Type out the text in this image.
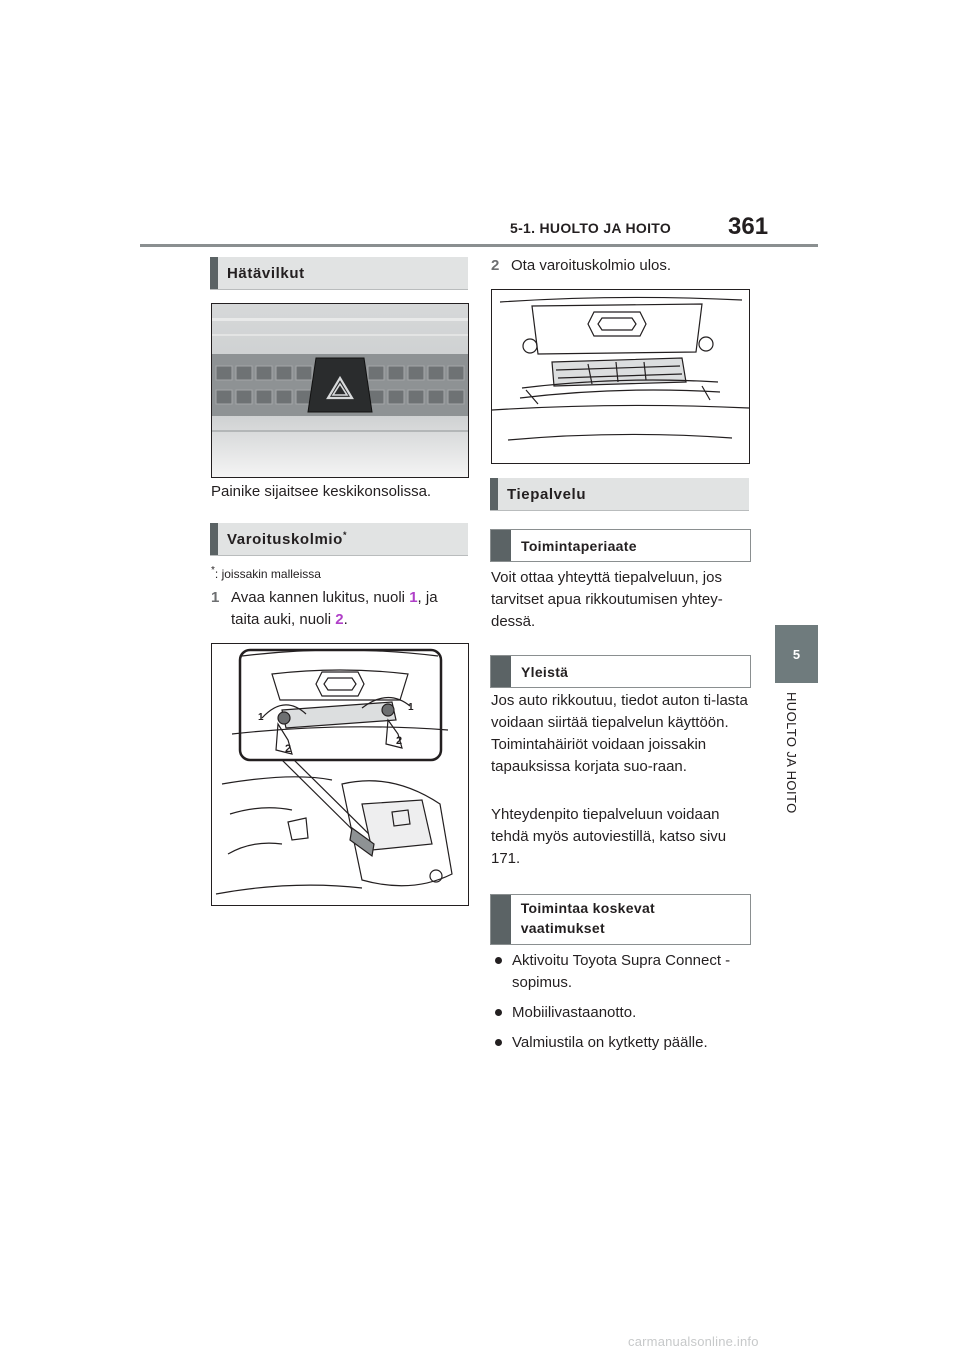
5-1. HUOLTO JA HOITO 361
5
HUOLTO JA HOITO
Hätävilkut
Painike sijaitsee keskikonsolissa.
Varoituskolmio*
*: joissakin malleissa
1 Avaa kannen lukitus, nuoli 1, ja taita auki, nuoli 2.
2
2
1
1
2 Ota varoituskolmio ulos.
Tiepalvelu
Toimintaperiaate
Voit ottaa yhteyttä tiepalveluun, jos tarvitset apua rikkoutumisen yhtey-dessä.
Yleistä
Jos auto rikkoutuu, tiedot auton ti-lasta voidaan siirtää tiepalvelun käyttöön. Toimintahäiriöt voidaan joissakin tapauksissa korjata suo-raan.
Yhteydenpito tiepalveluun voidaan tehdä myös autoviestillä, katso sivu 171.
Toimintaa koskevat vaatimukset
Aktivoitu Toyota Supra Connect -sopimus.
Mobiilivastaanotto.
Valmiustila on kytketty päälle.
carmanualsonline.info
